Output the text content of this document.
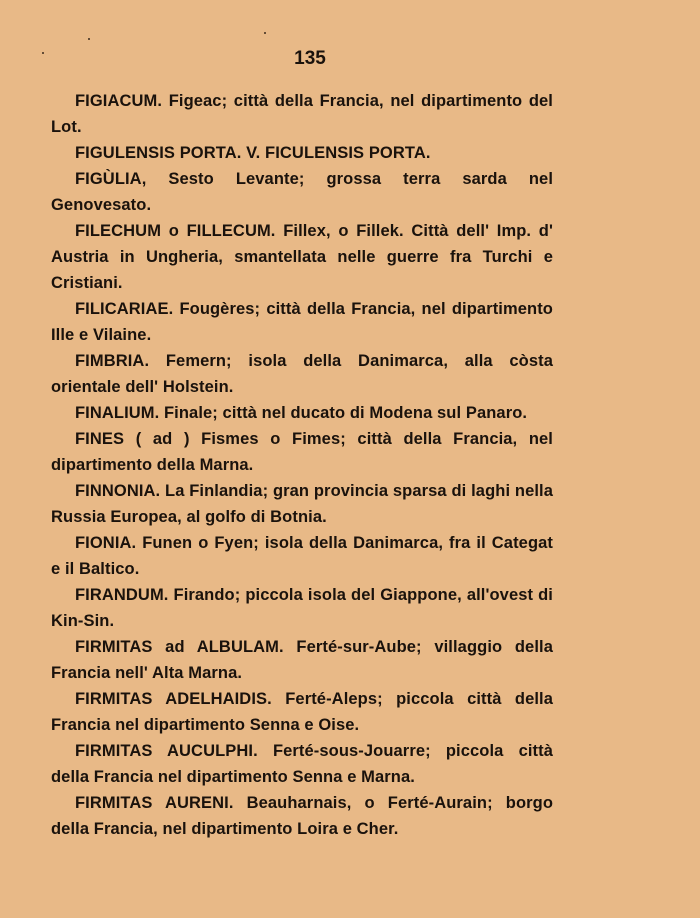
135

FIGIACUM. Figeac; città della Francia, nel dipartimento del Lot.

FIGULENSIS PORTA. V. FICULENSIS PORTA.

FIGÙLIA, Sesto Levante; grossa terra sarda nel Genovesato.

FILECHUM o FILLECUM. Fillex, o Fillek. Città dell' Imp. d' Austria in Ungheria, smantellata nelle guerre fra Turchi e Cristiani.

FILICARIAE. Fougères; città della Francia, nel dipartimento Ille e Vilaine.

FIMBRIA. Femern; isola della Danimarca, alla còsta orientale dell' Holstein.

FINALIUM. Finale; città nel ducato di Modena sul Panaro.

FINES ( ad ) Fismes o Fimes; città della Francia, nel dipartimento della Marna.

FINNONIA. La Finlandia; gran provincia sparsa di laghi nella Russia Europea, al golfo di Botnia.

FIONIA. Funen o Fyen; isola della Danimarca, fra il Categat e il Baltico.

FIRANDUM. Firando; piccola isola del Giappone, all'ovest di Kin-Sin.

FIRMITAS ad ALBULAM. Ferté-sur-Aube; villaggio della Francia nell' Alta Marna.

FIRMITAS ADELHAIDIS. Ferté-Aleps; piccola città della Francia nel dipartimento Senna e Oise.

FIRMITAS AUCULPHI. Ferté-sous-Jouarre; piccola città della Francia nel dipartimento Senna e Marna.

FIRMITAS AURENI. Beauharnais, o Ferté-Aurain; borgo della Francia, nel dipartimento Loira e Cher.
